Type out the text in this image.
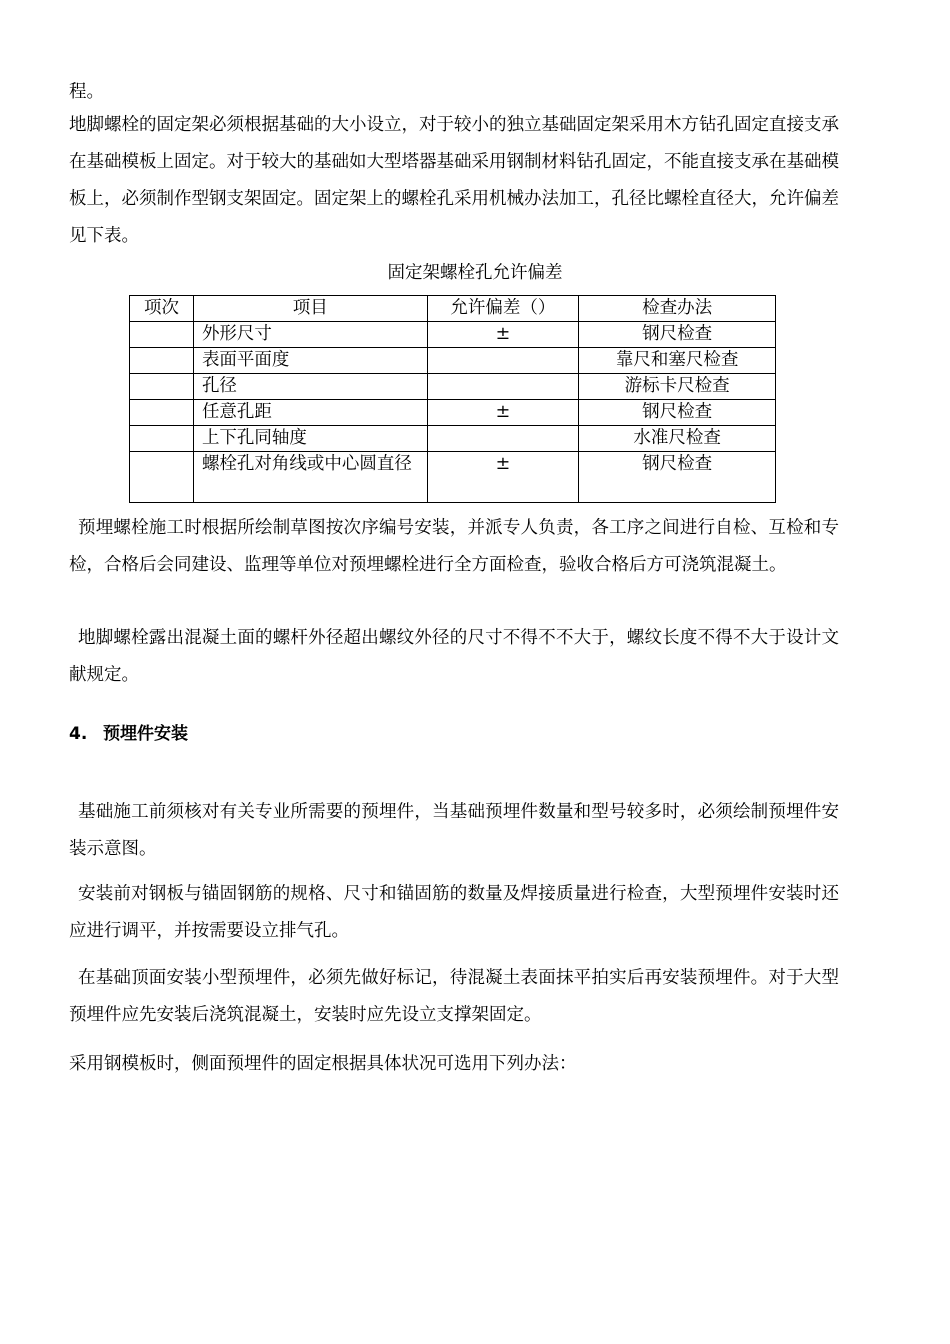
程。

地脚螺栓的固定架必须根据基础的大小设立，对于较小的独立基础固定架采用木方钻孔固定直接支承在基础模板上固定。对于较大的基础如大型塔器基础采用钢制材料钻孔固定，不能直接支承在基础模板上，必须制作型钢支架固定。固定架上的螺栓孔采用机械办法加工，孔径比螺栓直径大，允许偏差见下表。

固定架螺栓孔允许偏差
项次	项目	允许偏差（）	检查办法
	外形尺寸	±	钢尺检查
	表面平面度		靠尺和塞尺检查
	孔径		游标卡尺检查
	任意孔距	±	钢尺检查
	上下孔同轴度		水准尺检查
	螺栓孔对角线或中心圆直径	±	钢尺检查

预埋螺栓施工时根据所绘制草图按次序编号安装，并派专人负责，各工序之间进行自检、互检和专检，合格后会同建设、监理等单位对预埋螺栓进行全方面检查，验收合格后方可浇筑混凝土。

地脚螺栓露出混凝土面的螺杆外径超出螺纹外径的尺寸不得不不大于，螺纹长度不得不大于设计文献规定。

4. 预埋件安装

基础施工前须核对有关专业所需要的预埋件，当基础预埋件数量和型号较多时，必须绘制预埋件安装示意图。

安装前对钢板与锚固钢筋的规格、尺寸和锚固筋的数量及焊接质量进行检查，大型预埋件安装时还应进行调平，并按需要设立排气孔。

在基础顶面安装小型预埋件，必须先做好标记，待混凝土表面抹平拍实后再安装预埋件。对于大型预埋件应先安装后浇筑混凝土，安装时应先设立支撑架固定。

采用钢模板时，侧面预埋件的固定根据具体状况可选用下列办法：
